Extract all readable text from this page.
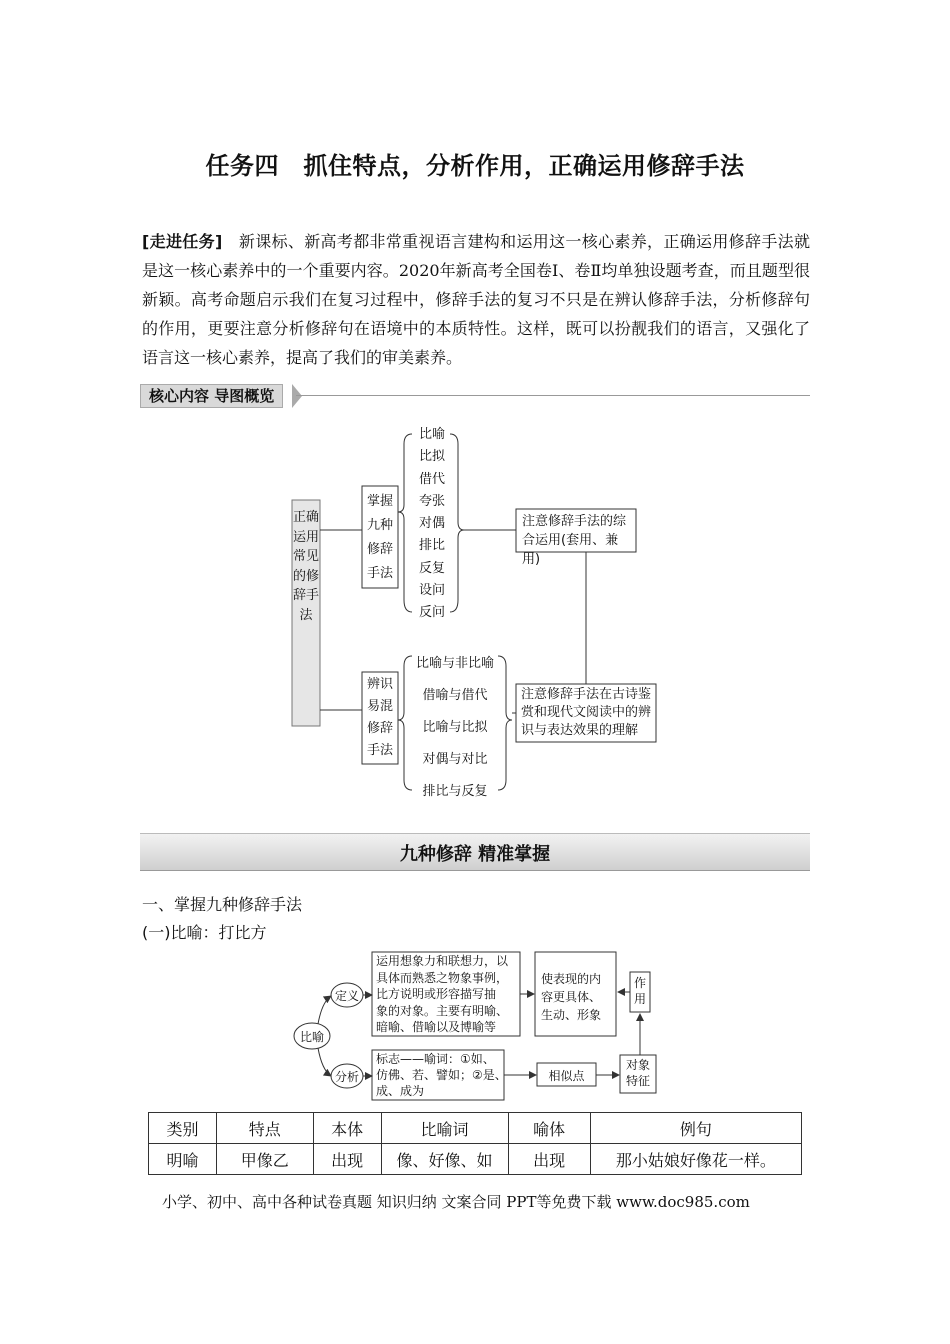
任务四　抓住特点，分析作用，正确运用修辞手法
[走进任务]　新课标、新高考都非常重视语言建构和运用这一核心素养，正确运用修辞手法就是这一核心素养中的一个重要内容。2020年新高考全国卷Ⅰ、卷Ⅱ均单独设题考查，而且题型很新颖。高考命题启示我们在复习过程中，修辞手法的复习不只是在辨认修辞手法，分析修辞句的作用，更要注意分析修辞句在语境中的本质特性。这样，既可以扮靓我们的语言，又强化了语言这一核心素养，提高了我们的审美素养。
核心内容 导图概览
正确运用常见的修辞手法
掌握九种修辞手法
辨识易混修辞手法
比喻
比拟
借代
夸张
对偶
排比
反复
设问
反问
比喻与非比喻
借喻与借代
比喻与比拟
对偶与对比
排比与反复
注意修辞手法的综
合运用(套用、兼用)
注意修辞手法在古诗鉴
赏和现代文阅读中的辨
识与表达效果的理解
九种修辞 精准掌握
一、掌握九种修辞手法
(一)比喻：打比方
比喻
定义
分析
运用想象力和联想力，以
具体而熟悉之物象事例，
比方说明或形容描写抽
象的对象。主要有明喻、
暗喻、借喻以及博喻等
使表现的内
容更具体、
生动、形象
作
用
标志——喻词：①如、
仿佛、若、譬如；②是、
成、成为
相似点
对象
特征
类别	特点	本体	比喻词	喻体	例句
明喻	甲像乙	出现	像、好像、如	出现	那小姑娘好像花一样。
小学、初中、高中各种试卷真题 知识归纳 文案合同 PPT等免费下载 www.doc985.com
